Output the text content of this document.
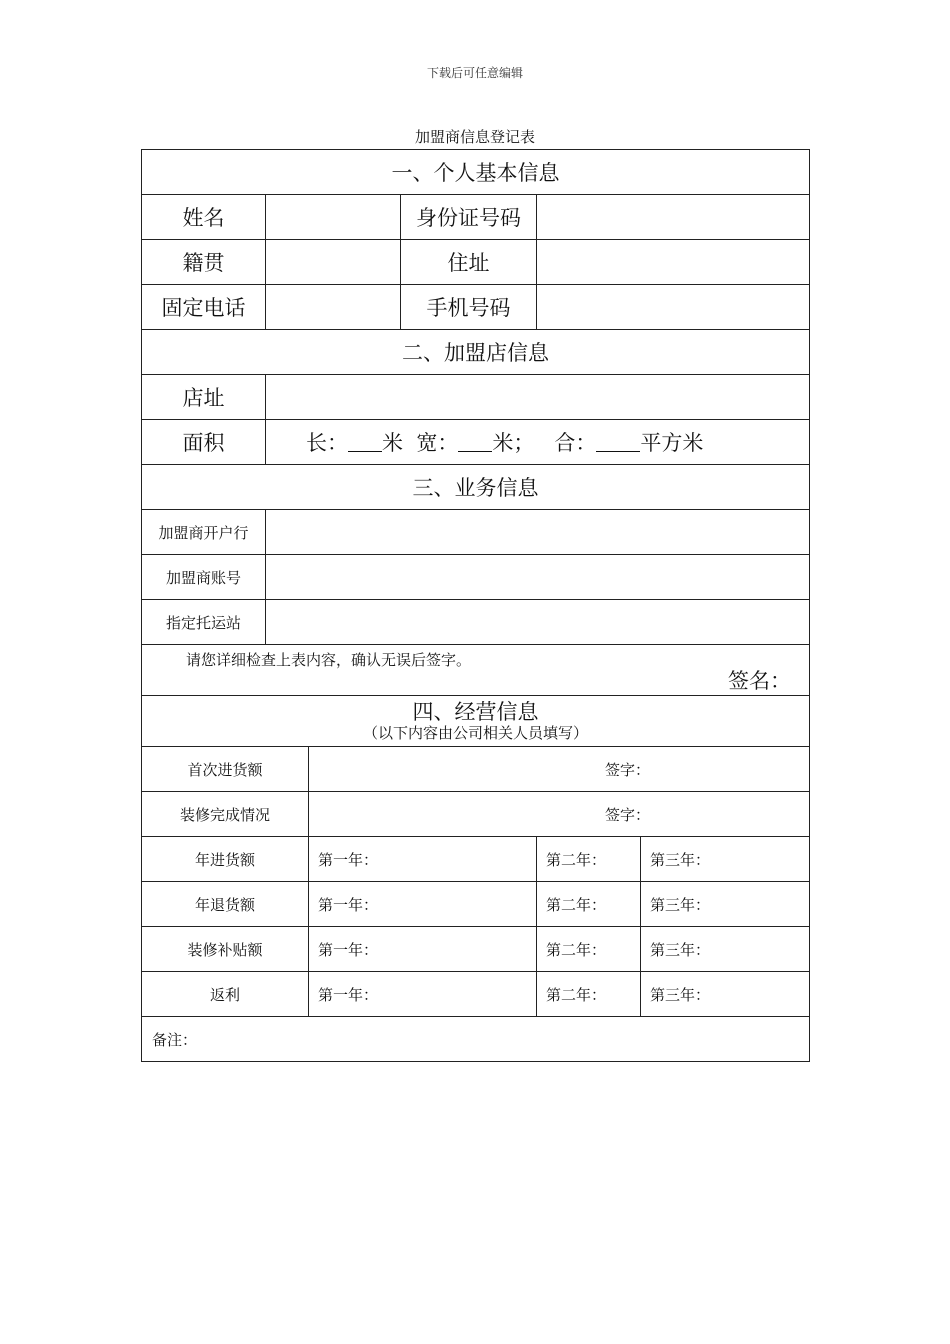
下载后可任意编辑
加盟商信息登记表
一、个人基本信息					
姓名			身份证号码		
籍贯			住址		
固定电话			手机号码		
二、加盟店信息					
店址					
面积	长： 米 宽： 米； 合： 平方米				
三、业务信息					
加盟商开户行					
加盟商账号					
指定托运站					

请您详细检查上表内容，确认无误后签字。
签名：					

四、经营信息
（以下内容由公司相关人员填写）					

首次进货额		签字：			
装修完成情况		签字：			
年进货额		第一年：		第二年：	第三年：
年退货额		第一年：		第二年：	第三年：
装修补贴额		第一年：		第二年：	第三年：
返利		第一年：		第二年：	第三年：
备注：					
